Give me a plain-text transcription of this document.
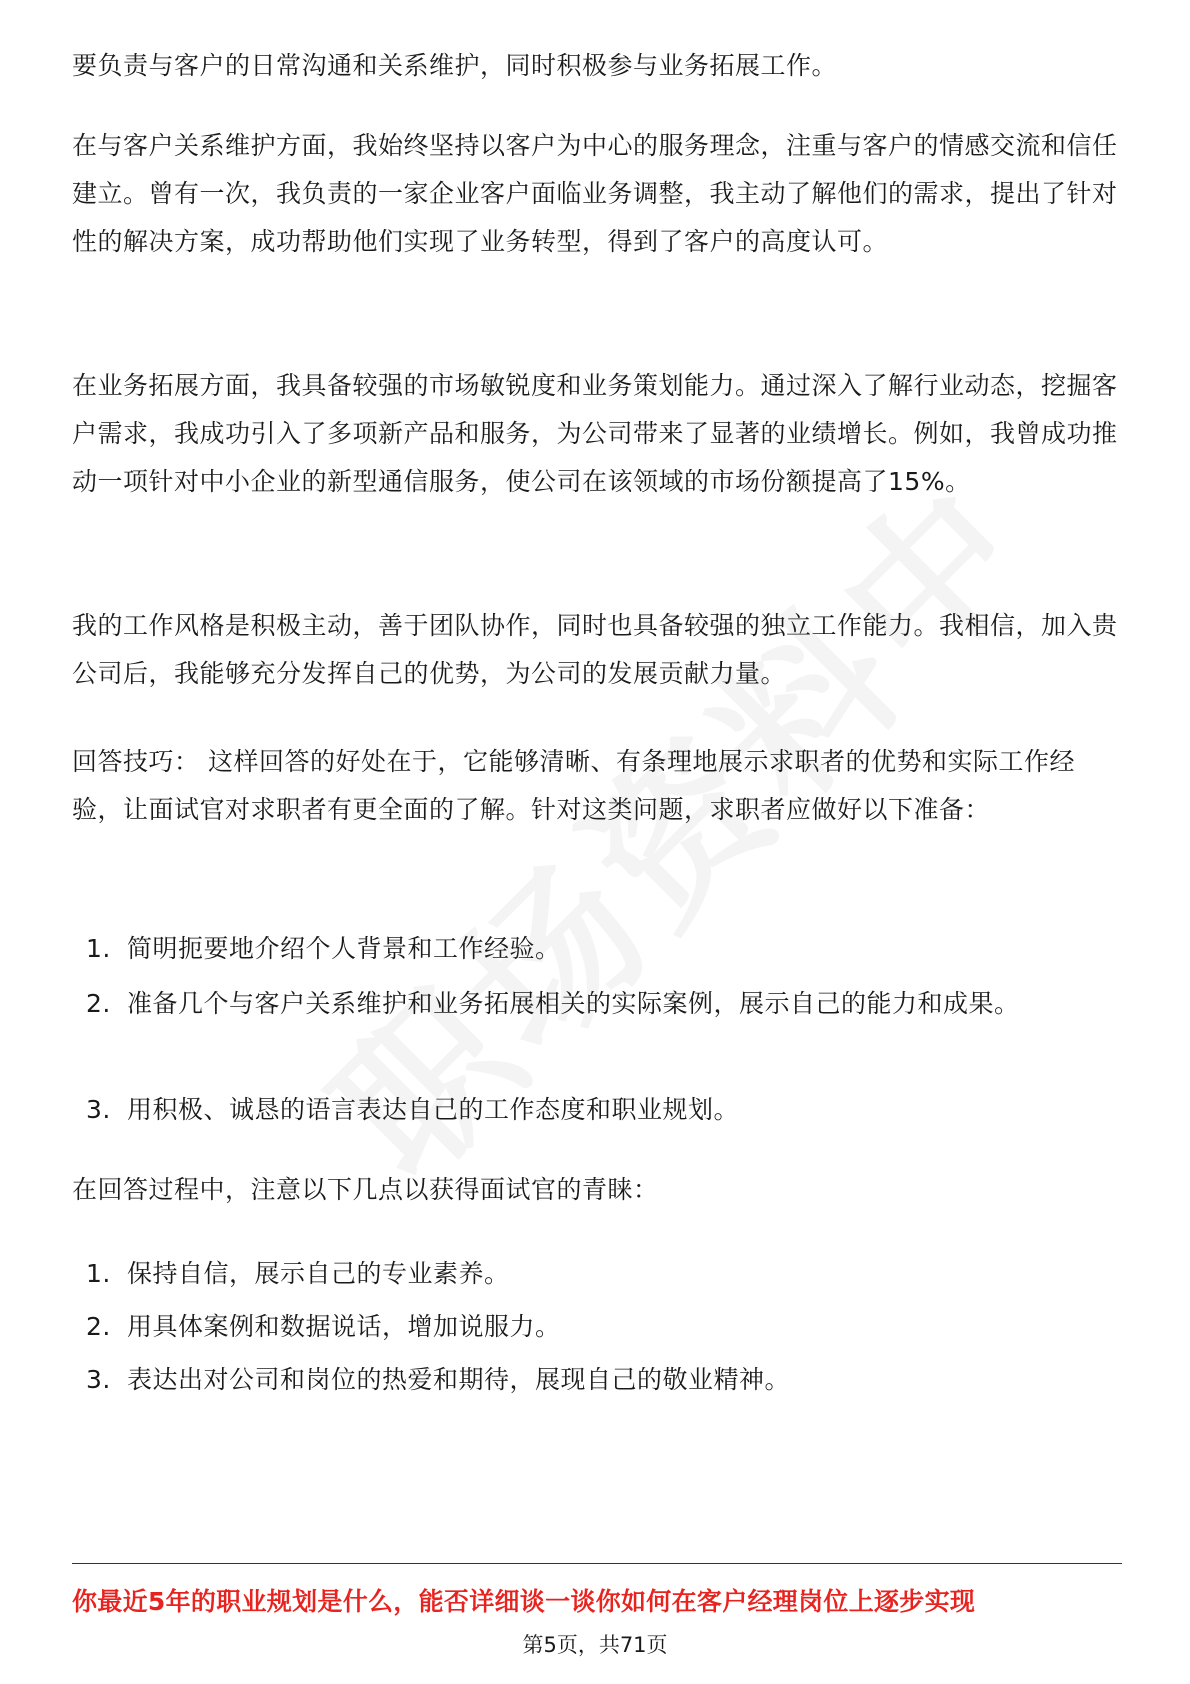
要负责与客户的日常沟通和关系维护，同时积极参与业务拓展工作。

在与客户关系维护方面，我始终坚持以客户为中心的服务理念，注重与客户的情感交流和信任建立。曾有一次，我负责的一家企业客户面临业务调整，我主动了解他们的需求，提出了针对性的解决方案，成功帮助他们实现了业务转型，得到了客户的高度认可。

在业务拓展方面，我具备较强的市场敏锐度和业务策划能力。通过深入了解行业动态，挖掘客户需求，我成功引入了多项新产品和服务，为公司带来了显著的业绩增长。例如，我曾成功推动一项针对中小企业的新型通信服务，使公司在该领域的市场份额提高了15%。

我的工作风格是积极主动，善于团队协作，同时也具备较强的独立工作能力。我相信，加入贵公司后，我能够充分发挥自己的优势，为公司的发展贡献力量。

回答技巧： 这样回答的好处在于，它能够清晰、有条理地展示求职者的优势和实际工作经验，让面试官对求职者有更全面的了解。针对这类问题，求职者应做好以下准备：

1. 简明扼要地介绍个人背景和工作经验。
2. 准备几个与客户关系维护和业务拓展相关的实际案例，展示自己的能力和成果。
3. 用积极、诚恳的语言表达自己的工作态度和职业规划。

在回答过程中，注意以下几点以获得面试官的青睐：

1. 保持自信，展示自己的专业素养。
2. 用具体案例和数据说话，增加说服力。
3. 表达出对公司和岗位的热爱和期待，展现自己的敬业精神。
你最近5年的职业规划是什么，能否详细谈一谈你如何在客户经理岗位上逐步实现
第5页，共71页
